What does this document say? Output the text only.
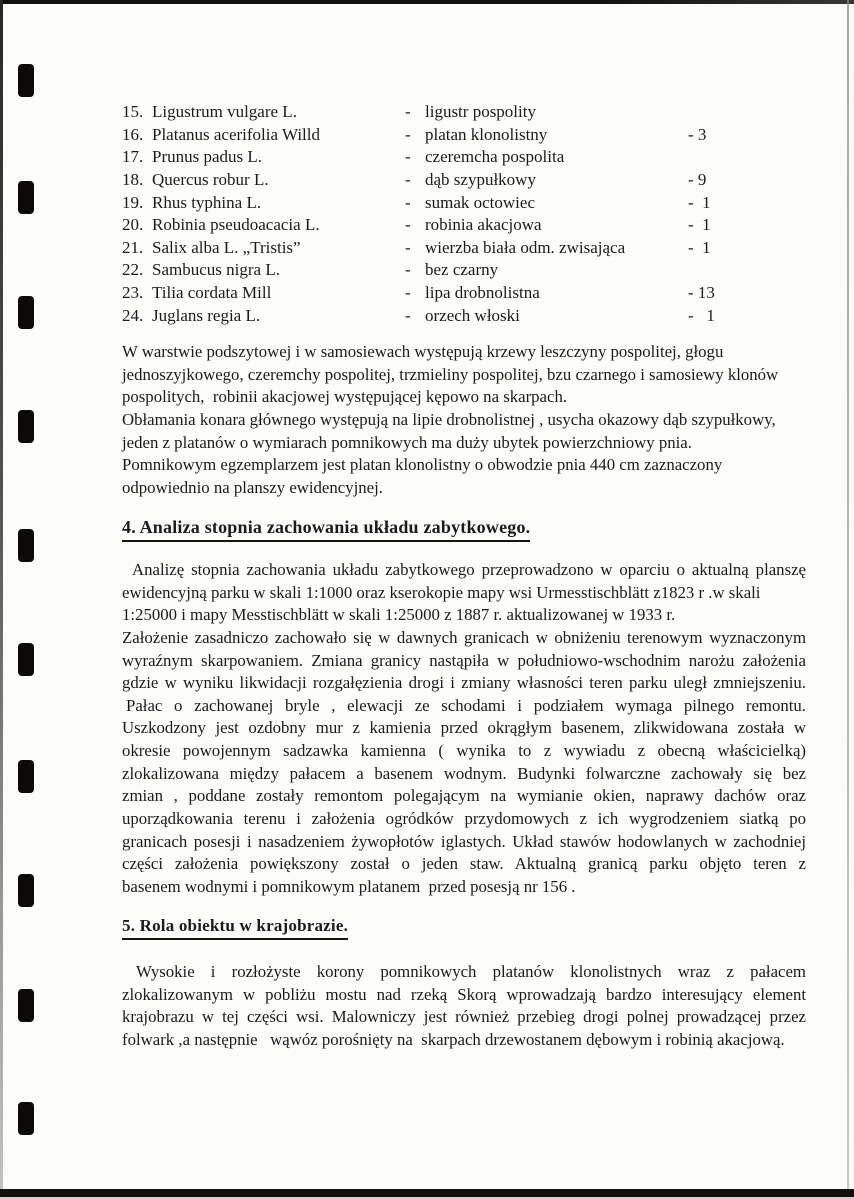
15. Ligustrum vulgare L.	- ligustr pospolity
16. Platanus acerifolia Willd	- platan klonolistny	- 3
17. Prunus padus L.	- czeremcha pospolita
18. Quercus robur L.	- dąb szypułkowy	- 9
19. Rhus typhina L.	- sumak octowiec	-  1
20. Robinia pseudoacacia L.	- robinia akacjowa	-  1
21. Salix alba L. „Tristis”	- wierzba biała odm. zwisająca	-  1
22. Sambucus nigra L.	- bez czarny
23. Tilia cordata Mill	- lipa drobnolistna	- 13
24. Juglans regia L.	- orzech włoski	-   1
W warstwie podszytowej i w samosiewach występują krzewy leszczyny pospolitej, głogu
jednoszyjkowego, czeremchy pospolitej, trzmieliny pospolitej, bzu czarnego i samosiewy klonów
pospolitych,  robinii akacjowej występującej kępowo na skarpach.
Obłamania konara głównego występują na lipie drobnolistnej , usycha okazowy dąb szypułkowy,
jeden z platanów o wymiarach pomnikowych ma duży ubytek powierzchniowy pnia.
Pomnikowym egzemplarzem jest platan klonolistny o obwodzie pnia 440 cm zaznaczony
odpowiednio na planszy ewidencyjnej.
4. Analiza stopnia zachowania układu zabytkowego.
Analizę stopnia zachowania układu zabytkowego przeprowadzono w oparciu o aktualną planszę
ewidencyjną parku w skali 1:1000 oraz kserokopie mapy wsi Urmesstischblätt z1823 r .w skali
1:25000 i mapy Messtischblätt w skali 1:25000 z 1887 r. aktualizowanej w 1933 r.
Założenie zasadniczo zachowało się w dawnych granicach w obniżeniu terenowym wyznaczonym
wyraźnym skarpowaniem. Zmiana granicy nastąpiła w południowo-wschodnim narożu założenia
gdzie w wyniku likwidacji rozgałęzienia drogi i zmiany własności teren parku uległ zmniejszeniu.
Pałac o zachowanej bryle , elewacji ze schodami i podziałem wymaga pilnego remontu.
Uszkodzony jest ozdobny mur z kamienia przed okrągłym basenem, zlikwidowana została w
okresie powojennym sadzawka kamienna ( wynika to z wywiadu z obecną właścicielką)
zlokalizowana między pałacem a basenem wodnym. Budynki folwarczne zachowały się bez
zmian , poddane zostały remontom polegającym na wymianie okien, naprawy dachów oraz
uporządkowania terenu i założenia ogródków przydomowych z ich wygrodzeniem siatką po
granicach posesji i nasadzeniem żywopłotów iglastych. Układ stawów hodowlanych w zachodniej
części założenia powiększony został o jeden staw. Aktualną granicą parku objęto teren z
basenem wodnymi i pomnikowym platanem  przed posesją nr 156 .
5. Rola obiektu w krajobrazie.
Wysokie i rozłożyste korony pomnikowych platanów klonolistnych wraz z pałacem
zlokalizowanym w pobliżu mostu nad rzeką Skorą wprowadzają bardzo interesujący element
krajobrazu w tej części wsi. Malowniczy jest również przebieg drogi polnej prowadzącej przez
folwark ,a następnie   wąwóz porośnięty na  skarpach drzewostanem dębowym i robinią akacjową.
